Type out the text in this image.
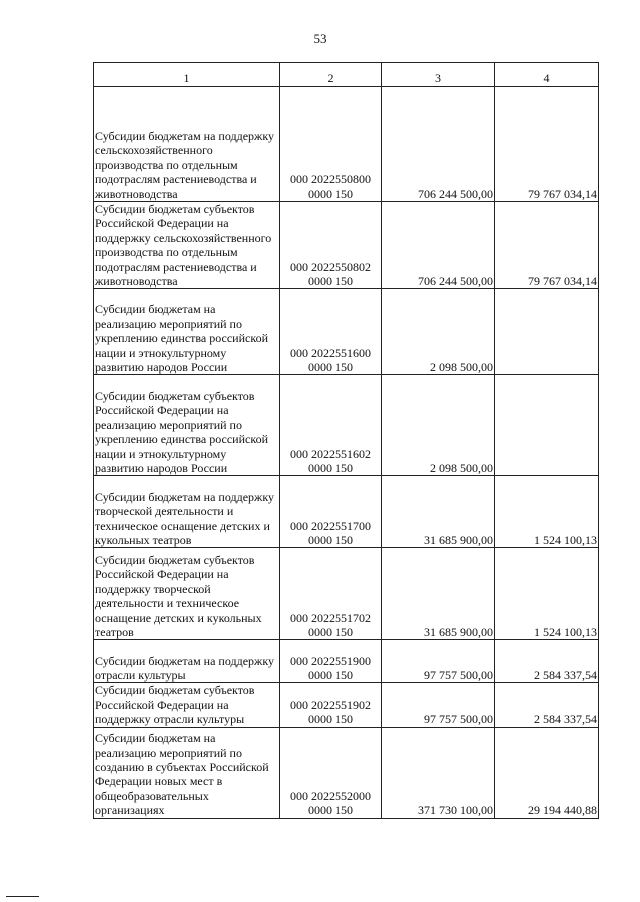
53
1	2	3	4
Субсидии бюджетам на поддержку сельскохозяйственного производства по отдельным подотраслям растениеводства и животноводства	000 2022550800 0000 150	706 244 500,00	79 767 034,14
Субсидии бюджетам субъектов Российской Федерации на поддержку сельскохозяйственного производства по отдельным подотраслям растениеводства и животноводства	000 2022550802 0000 150	706 244 500,00	79 767 034,14
Субсидии бюджетам на реализацию мероприятий по укреплению единства российской нации и этнокультурному развитию народов России	000 2022551600 0000 150	2 098 500,00	
Субсидии бюджетам субъектов Российской Федерации на реализацию мероприятий по укреплению единства российской нации и этнокультурному развитию народов России	000 2022551602 0000 150	2 098 500,00	
Субсидии бюджетам на поддержку творческой деятельности и техническое оснащение детских и кукольных театров	000 2022551700 0000 150	31 685 900,00	1 524 100,13
Субсидии бюджетам субъектов Российской Федерации на поддержку творческой деятельности и техническое оснащение детских и кукольных театров	000 2022551702 0000 150	31 685 900,00	1 524 100,13
Субсидии бюджетам на поддержку отрасли культуры	000 2022551900 0000 150	97 757 500,00	2 584 337,54
Субсидии бюджетам субъектов Российской Федерации на поддержку отрасли культуры	000 2022551902 0000 150	97 757 500,00	2 584 337,54
Субсидии бюджетам на реализацию мероприятий по созданию в субъектах Российской Федерации новых мест в общеобразовательных организациях	000 2022552000 0000 150	371 730 100,00	29 194 440,88
